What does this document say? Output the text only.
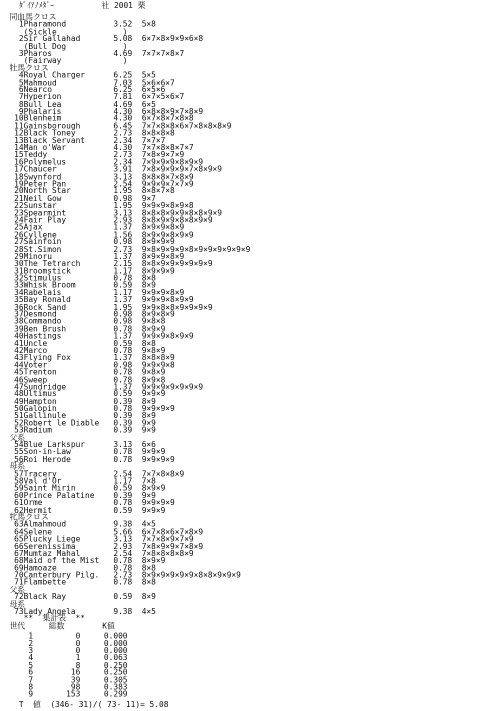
ﾀﾞｲｱﾉﾒﾀﾞｰ          社 2001 栗
同血馬クロス
1Pharamond          3.52  5×8
(Sickle              )
2Sir Gallahad       5.08  6×7×8×9×9×6×8
(Bull Dog            )
3Pharos             4.69  7×7×7×8×7
(Fairway             )
牡馬クロス
4Royal Charger      6.25  5×5
5Mahmoud            7.03  5×6×6×7
6Nearco             6.25  6×5×6
7Hyperion           7.81  6×7×5×6×7
8Bull Lea           4.69  6×5
9Phalaris           4.30  6×8×8×9×7×8×9
10Blenheim           4.30  6×7×8×7×8×8
11Gainsborough       6.45  7×7×8×8×6×7×8×8×8×9
12Black Toney        2.73  8×8×8×8
13Black Servant      2.34  7×7×7
14Man o'War          4.30  7×7×8×8×7×7
15Teddy              2.73  7×8×9×7×9
16Polymelus          2.34  7×9×9×9×8×9×9
17Chaucer            3.91  7×8×9×9×9×7×8×9×9
18Swynford           3.13  8×8×8×7×8×9
19Peter Pan          2.54  9×9×9×7×7×9
20North Star         1.95  8×8×7×8
21Neil Gow           0.98  9×7
22Sunstar            1.95  9×9×9×8×9×8
23Spearmint          3.13  8×8×8×9×9×8×8×9×9
24Fair Play          2.93  8×8×9×9×8×8×9×9
25Ajax               1.37  8×9×9×8×9
26Cyllene            1.56  8×9×9×8×9×9
27Sainfoin           0.98  8×9×9×9
28St.Simon           2.73  9×8×9×9×9×8×9×9×9×9×9×9
29Minoru             1.37  8×9×9×8×9
30The Tetrarch       2.15  8×8×9×9×9×9×9×9
31Broomstick         1.17  8×9×9×9
32Stimulus           0.78  8×8
33Whisk Broom        0.59  8×9
34Rabelais           1.17  9×9×9×8×9
35Bay Ronald         1.37  9×9×9×8×9×9
36Rock Sand          1.95  9×9×8×8×9×9×9×9
37Desmond            0.98  8×9×8×9
38Commando           0.98  9×8×8
39Ben Brush          0.78  8×9×9
40Hastings           1.37  9×9×9×8×9×9
41Uncle              0.59  8×8
42Marco              0.78  9×8×9
43Flying Fox         1.37  8×8×8×9
44Voter              0.98  9×9×9×8
45Trenton            0.78  9×8×9
46Sweep              0.78  8×9×8
47Sundridge          1.37  9×9×9×9×9×9×9
48Ultimus            0.59  9×9×9
49Hampton            0.39  8×9
50Galopin            0.78  9×9×9×9
51Gallinule          0.39  8×9
52Robert le Diable   0.39  9×9
53Radium             0.39  9×9
父系
54Blue Larkspur      3.13  6×6
55Son-in-Law         0.78  9×9×9
56Roi Herode         0.78  9×9×9×9
母系
57Tracery            2.54  7×7×8×8×9
58Val d'Or           1.17  7×8
59Saint Mirin        0.59  8×9×9
60Prince Palatine    0.39  9×9
61Orme               0.78  9×9×9×9
62Hermit             0.59  9×9×9
牝馬クロス
63Almahmoud          9.38  4×5
64Selene             5.66  6×7×8×6×7×8×9
65Plucky Liege       3.13  7×7×8×9×7×9
66Serenissima        2.93  7×8×9×9×7×8×9
67Mumtaz Mahal       2.54  7×8×8×8×8×9
68Maid of the Mist   0.78  8×9×9
69Hamoaze            0.78  8×8
70Canterbury Pilg.   2.73  8×9×9×9×9×9×8×8×9×9×9
71Flambette          0.78  8×8
父系
72Black Ray          0.59  8×9
母系
73Lady Angela        9.38  4×5
**  集計表  **
世代     総数        K値
1         0     0.000
2         0     0.000
3         0     0.000
4         1     0.063
5         8     0.250
6        16     0.250
7        39     0.305
8        98     0.383
9       153     0.299
T  値  (346- 31)/( 73- 11)= 5.08
